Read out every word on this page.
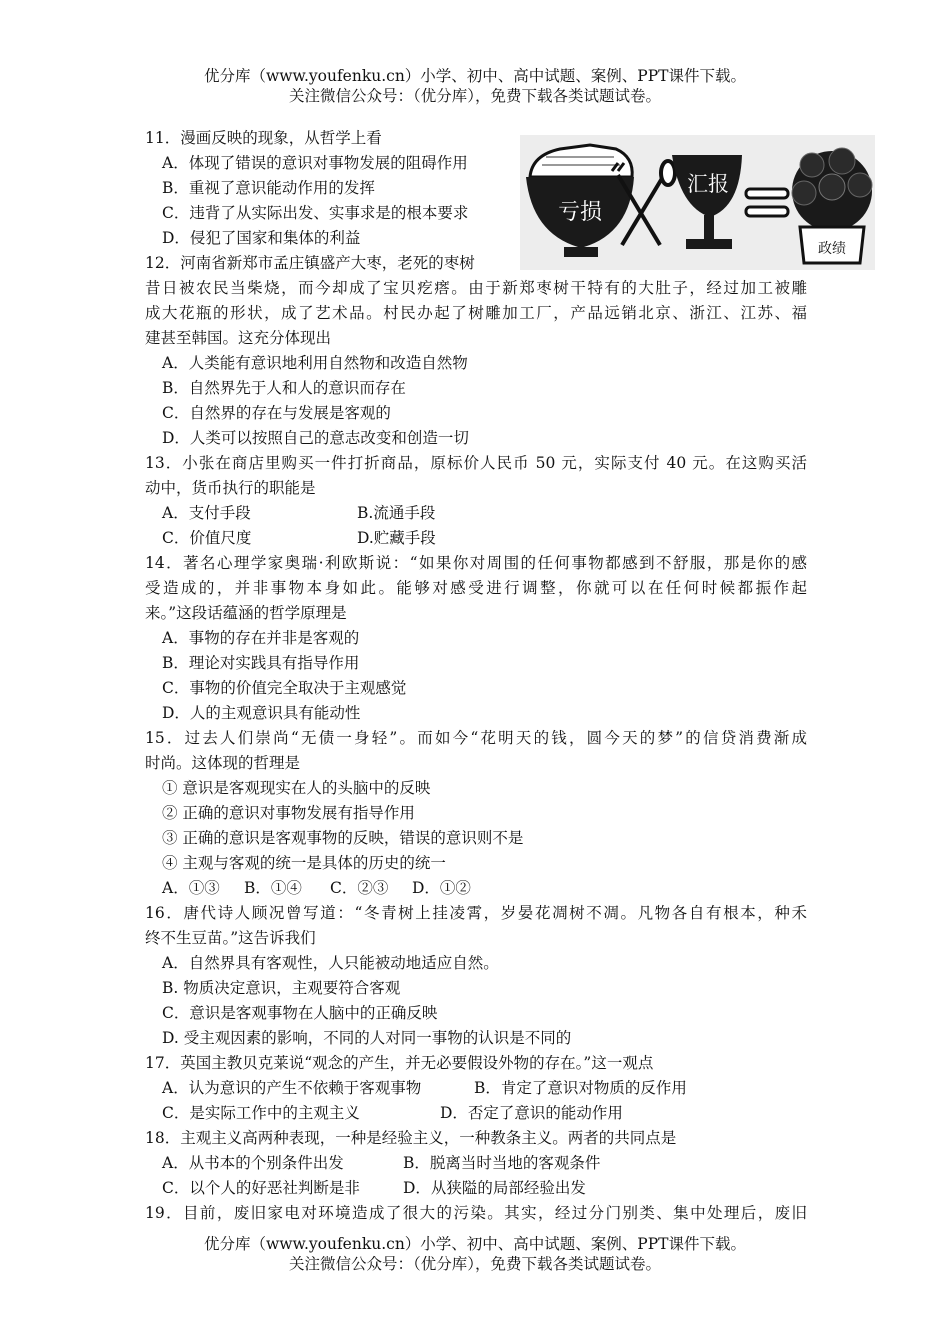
优分库（www.youfenku.cn）小学、初中、高中试题、案例、PPT课件下载。
关注微信公众号：（优分库），免费下载各类试题试卷。
亏损
汇报
政绩
11．漫画反映的现象，从哲学上看
A．体现了错误的意识对事物发展的阻碍作用
B．重视了意识能动作用的发挥
C．违背了从实际出发、实事求是的根本要求
D．侵犯了国家和集体的利益
12．河南省新郑市孟庄镇盛产大枣，老死的枣树
昔日被农民当柴烧，而今却成了宝贝疙瘩。由于新郑枣树干特有的大肚子，经过加工被雕
成大花瓶的形状，成了艺术品。村民办起了树雕加工厂，产品远销北京、浙江、江苏、福
建甚至韩国。这充分体现出
A．人类能有意识地利用自然物和改造自然物
B．自然界先于人和人的意识而存在
C．自然界的存在与发展是客观的
D．人类可以按照自己的意志改变和创造一切
13．小张在商店里购买一件打折商品，原标价人民币 50 元，实际支付 40 元。在这购买活
动中，货币执行的职能是
A．支付手段	B.流通手段
C．价值尺度	D.贮藏手段
14．著名心理学家奥瑞·利欧斯说：“如果你对周围的任何事物都感到不舒服，那是你的感
受造成的，并非事物本身如此。能够对感受进行调整，你就可以在任何时候都振作起
来。”这段话蕴涵的哲学原理是
A．事物的存在并非是客观的
B．理论对实践具有指导作用
C．事物的价值完全取决于主观感觉
D．人的主观意识具有能动性
15．过去人们崇尚“无债一身轻”。而如今“花明天的钱，圆今天的梦”的信贷消费渐成
时尚。这体现的哲理是
① 意识是客观现实在人的头脑中的反映
② 正确的意识对事物发展有指导作用
③ 正确的意识是客观事物的反映，错误的意识则不是
④ 主观与客观的统一是具体的历史的统一
A．①③ B．①④ C．②③ D．①②
16．唐代诗人顾况曾写道：“冬青树上挂凌霄，岁晏花凋树不凋。凡物各自有根本，种禾
终不生豆苗。”这告诉我们
A．自然界具有客观性，人只能被动地适应自然。
B. 物质决定意识，主观要符合客观
C．意识是客观事物在人脑中的正确反映
D. 受主观因素的影响，不同的人对同一事物的认识是不同的
17．英国主教贝克莱说“观念的产生，并无必要假设外物的存在。”这一观点
A．认为意识的产生不依赖于客观事物	B．肯定了意识对物质的反作用
C．是实际工作中的主观主义	D．否定了意识的能动作用
18．主观主义高两种表现，一种是经验主义，一种教条主义。两者的共同点是
A．从书本的个别条件出发	B．脱离当时当地的客观条件
C．以个人的好恶社判断是非	D．从狭隘的局部经验出发
19．目前，废旧家电对环境造成了很大的污染。其实，经过分门别类、集中处理后，废旧
优分库（www.youfenku.cn）小学、初中、高中试题、案例、PPT课件下载。
关注微信公众号：（优分库），免费下载各类试题试卷。
